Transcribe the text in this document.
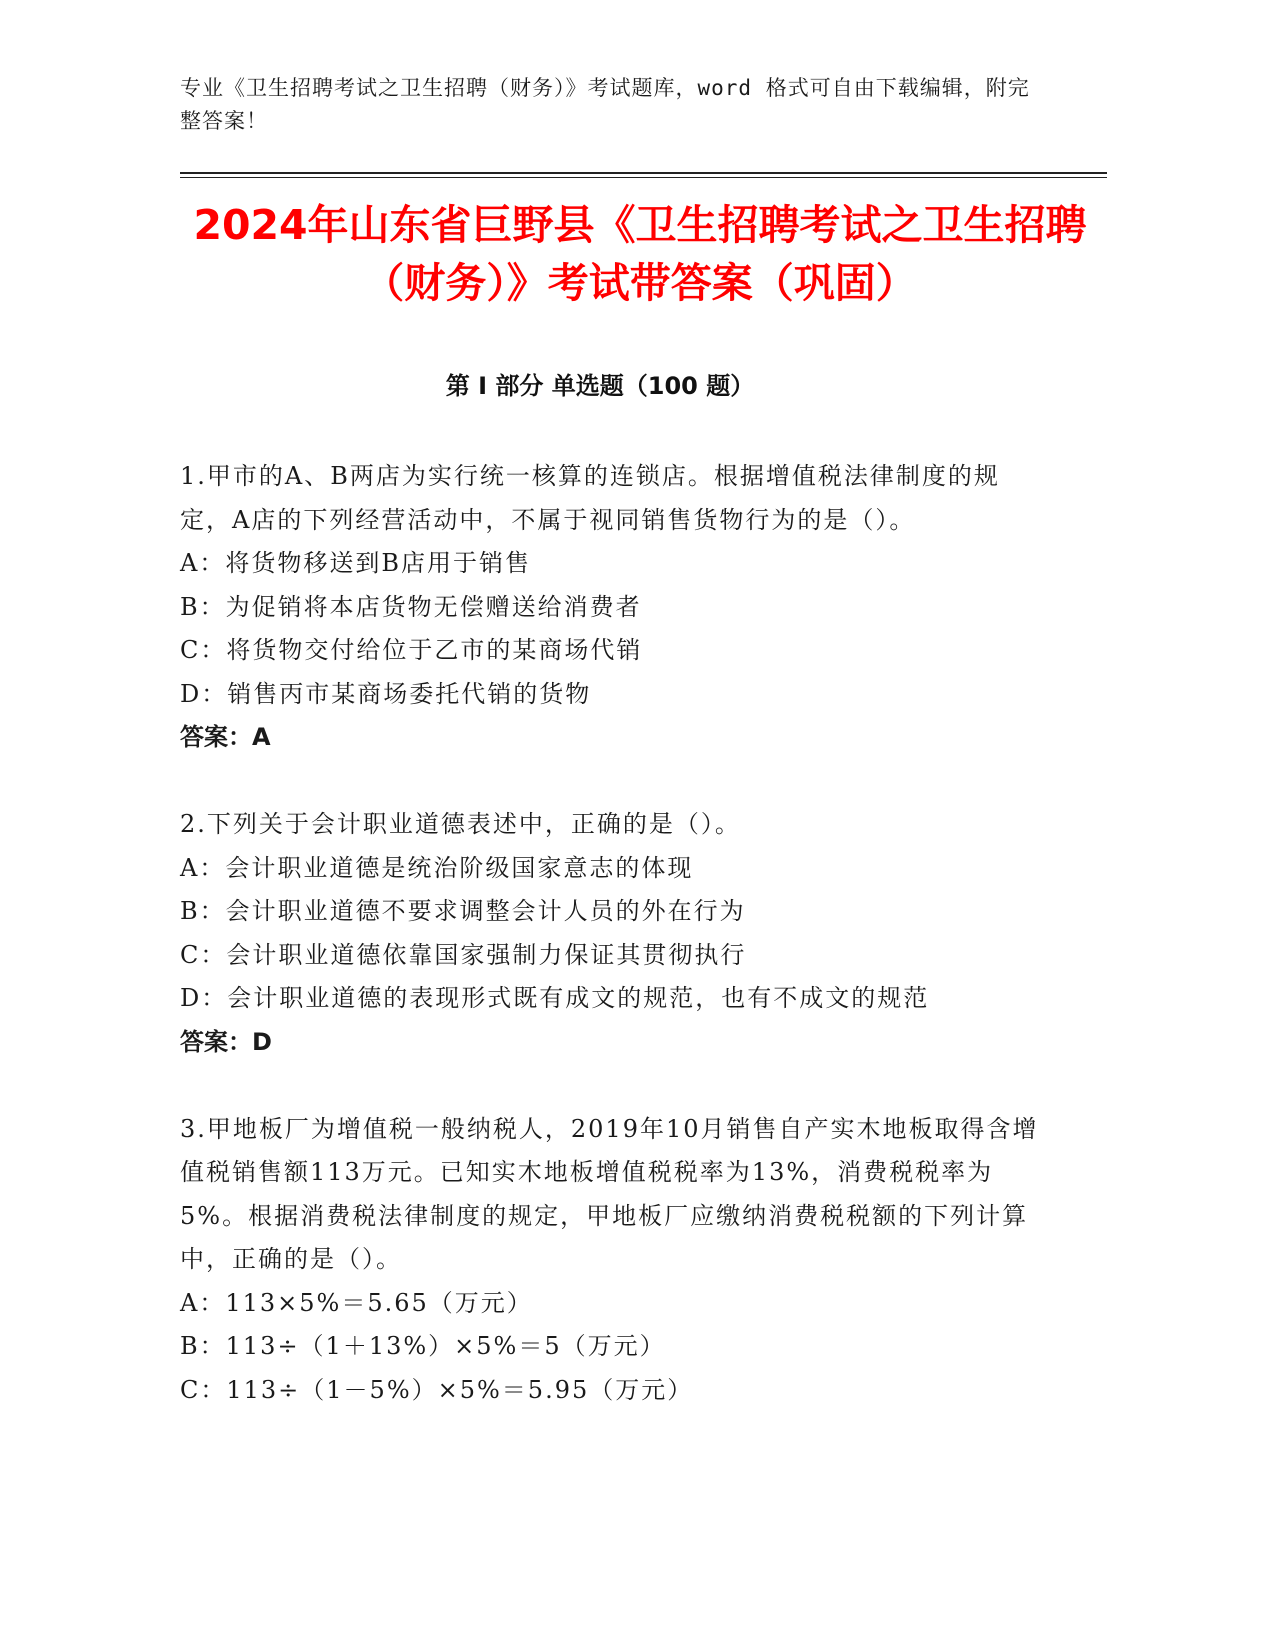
专业《卫生招聘考试之卫生招聘（财务）》考试题库，word 格式可自由下载编辑，附完整答案！
2024年山东省巨野县《卫生招聘考试之卫生招聘（财务）》考试带答案（巩固）
第 I 部分 单选题（100 题）
1.甲市的A、B两店为实行统一核算的连锁店。根据增值税法律制度的规定，A店的下列经营活动中，不属于视同销售货物行为的是（）。
A：将货物移送到B店用于销售
B：为促销将本店货物无偿赠送给消费者
C：将货物交付给位于乙市的某商场代销
D：销售丙市某商场委托代销的货物
答案：A
2.下列关于会计职业道德表述中，正确的是（）。
A：会计职业道德是统治阶级国家意志的体现
B：会计职业道德不要求调整会计人员的外在行为
C：会计职业道德依靠国家强制力保证其贯彻执行
D：会计职业道德的表现形式既有成文的规范，也有不成文的规范
答案：D
3.甲地板厂为增值税一般纳税人，2019年10月销售自产实木地板取得含增值税销售额113万元。已知实木地板增值税税率为13%，消费税税率为5%。根据消费税法律制度的规定，甲地板厂应缴纳消费税税额的下列计算中，正确的是（）。
A：113×5%＝5.65（万元）
B：113÷（1＋13%）×5%＝5（万元）
C：113÷（1－5%）×5%＝5.95（万元）
